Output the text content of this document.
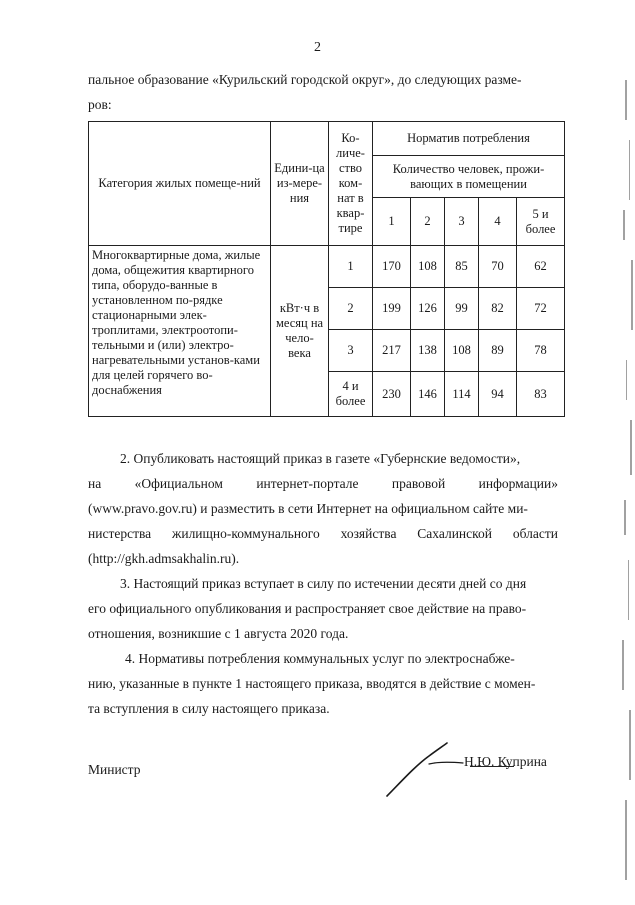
2
пальное образование «Курильский городской округ», до следующих разме-
ров:
Категория жилых помеще-ний	Едини-ца из-мере-ния	Ко-личе-ство ком-нат в квар-тире	Норматив потребления				
			Количество человек, прожи-вающих в помещении				
			1	2	3	4	5 и более
Многоквартирные дома, жилые дома, общежития квартирного типа, оборудо-ванные в установленном по-рядке стационарными элек-троплитами, электроотопи-тельными и (или) электро-нагревательными установ-ками для целей горячего во-доснабжения	кВт·ч в месяц на чело-века	1	170	108	85	70	62
		2	199	126	99	82	72
		3	217	138	108	89	78
		4 и более	230	146	114	94	83
2. Опубликовать настоящий приказ в газете «Губернские ведомости»,
на «Официальном интернет-портале правовой информации»
(www.pravo.gov.ru) и разместить в сети Интернет на официальном сайте ми-
нистерства жилищно-коммунального хозяйства Сахалинской области
(http://gkh.admsakhalin.ru).
3. Настоящий приказ вступает в силу по истечении десяти дней со дня
его официального опубликования и распространяет свое действие на право-
отношения, возникшие с 1 августа 2020 года.
4. Нормативы потребления коммунальных услуг по электроснабже-
нию, указанные в пункте 1 настоящего приказа, вводятся в действие с момен-
та вступления в силу настоящего приказа.
Министр
Н.Ю. Куприна
